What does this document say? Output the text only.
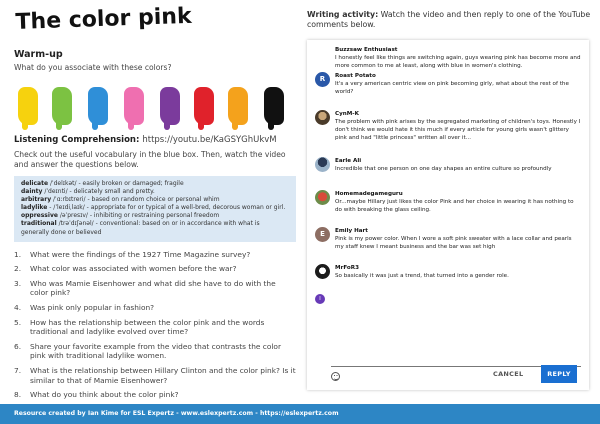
The color pink
Warm-up
What do you associate with these colors?
Listening Comprehension: https://youtu.be/KaGSYGhUkvM
Check out the useful vocabulary in the blue box. Then, watch the video and answer the questions below.
delicate /ˈdelɪkət/ - easily broken or damaged; fragile
dainty /ˈdeɪnti/ - delicately small and pretty.
arbitrary /ˈɑːrbɪtreri/ - based on random choice or personal whim
ladylike - /ˈleɪdiˌlaɪk/ - appropriate for or typical of a well-bred, decorous woman or girl.
oppressive /əˈpresɪv/ - inhibiting or restraining personal freedom
traditional /trəˈdɪʃənəl/ - conventional: based on or in accordance with what is generally done or believed
1.	What were the findings of the 1927 Time Magazine survey?
2.	What color was associated with women before the war?
3.	Who was Mamie Eisenhower and what did she have to do with the color pink?
4.	Was pink only popular in fashion?
5.	How has the relationship between the color pink and the words traditional and ladylike evolved over time?
6.	Share your favorite example from the video that contrasts the color pink with traditional ladylike women.
7.	What is the relationship between Hillary Clinton and the color pink? Is it similar to that of Mamie Eisenhower?
8.	What do you think about the color pink?
Writing activity: Watch the video and then reply to one of the YouTube comments below.
Buzzsaw Enthusiast
I honestly feel like things are switching again, guys wearing pink has become more and more common to me at least, along with blue in women's clothing.
R	Roast Potato
It's a very american centric view on pink becoming girly, what about the rest of the world?
CynM-K
The problem with pink arises by the segregated marketing of children's toys. Honestly I don't think we would hate it this much if every article for young girls wasn't glittery pink and had "little princess" written all over it...
Earle Ali
Incredible that one person on one day shapes an entire culture so profoundly
Homemadegameguru
Or...maybe Hillary just likes the color Pink and her choice in wearing it has nothing to do with breaking the glass ceiling.
E	Emily Hart
Pink is my power color. When I wore a soft pink sweater with a lace collar and pearls my staff knew I meant business and the bar was set high
MrFoR3
So basically it was just a trend, that turned into a gender role.
I
CANCEL	REPLY
Resource created by Ian Kime for ESL Expertz - www.eslexpertz.com - https://eslexpertz.com
